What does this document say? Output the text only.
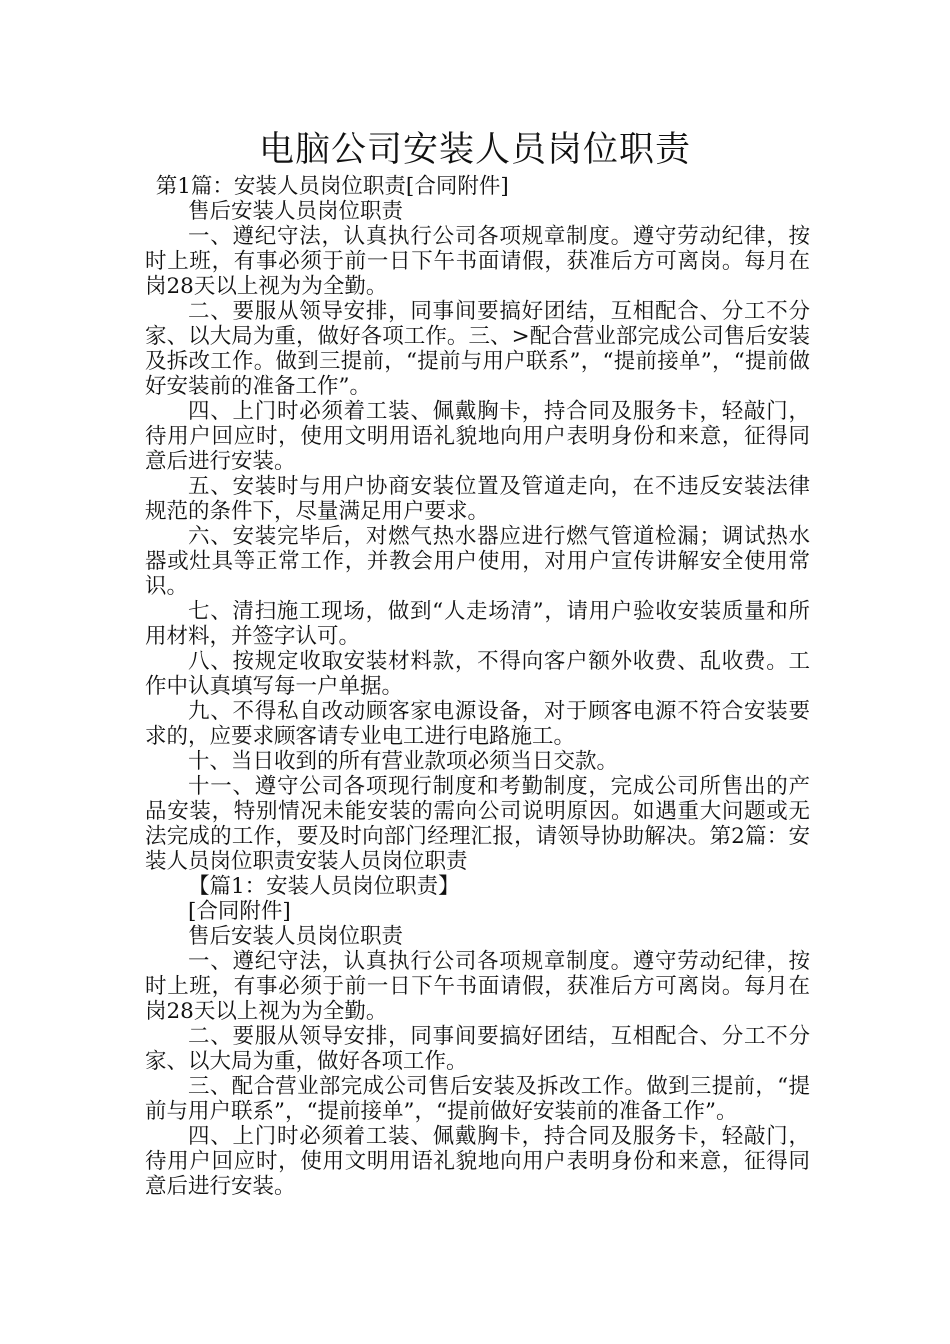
电脑公司安装人员岗位职责

第1篇：安装人员岗位职责[合同附件]

售后安装人员岗位职责

一、遵纪守法，认真执行公司各项规章制度。遵守劳动纪律，按时上班，有事必须于前一日下午书面请假，获准后方可离岗。每月在岗28天以上视为为全勤。

二、要服从领导安排，同事间要搞好团结，互相配合、分工不分家、以大局为重，做好各项工作。三、>配合营业部完成公司售后安装及拆改工作。做到三提前，“提前与用户联系”，“提前接单”，“提前做好安装前的准备工作”。

四、上门时必须着工装、佩戴胸卡，持合同及服务卡，轻敲门，待用户回应时，使用文明用语礼貌地向用户表明身份和来意，征得同意后进行安装。

五、安装时与用户协商安装位置及管道走向，在不违反安装法律规范的条件下，尽量满足用户要求。

六、安装完毕后，对燃气热水器应进行燃气管道检漏；调试热水器或灶具等正常工作，并教会用户使用，对用户宣传讲解安全使用常识。

七、清扫施工现场，做到“人走场清”，请用户验收安装质量和所用材料，并签字认可。

八、按规定收取安装材料款，不得向客户额外收费、乱收费。工作中认真填写每一户单据。

九、不得私自改动顾客家电源设备，对于顾客电源不符合安装要求的，应要求顾客请专业电工进行电路施工。

十、当日收到的所有营业款项必须当日交款。

十一、遵守公司各项现行制度和考勤制度，完成公司所售出的产品安装，特别情况未能安装的需向公司说明原因。如遇重大问题或无法完成的工作，要及时向部门经理汇报，请领导协助解决。第2篇：安装人员岗位职责安装人员岗位职责

【篇1：安装人员岗位职责】

[合同附件]

售后安装人员岗位职责

一、遵纪守法，认真执行公司各项规章制度。遵守劳动纪律，按时上班，有事必须于前一日下午书面请假，获准后方可离岗。每月在岗28天以上视为为全勤。

二、要服从领导安排，同事间要搞好团结，互相配合、分工不分家、以大局为重，做好各项工作。

三、配合营业部完成公司售后安装及拆改工作。做到三提前，“提前与用户联系”，“提前接单”，“提前做好安装前的准备工作”。

四、上门时必须着工装、佩戴胸卡，持合同及服务卡，轻敲门，待用户回应时，使用文明用语礼貌地向用户表明身份和来意，征得同意后进行安装。
